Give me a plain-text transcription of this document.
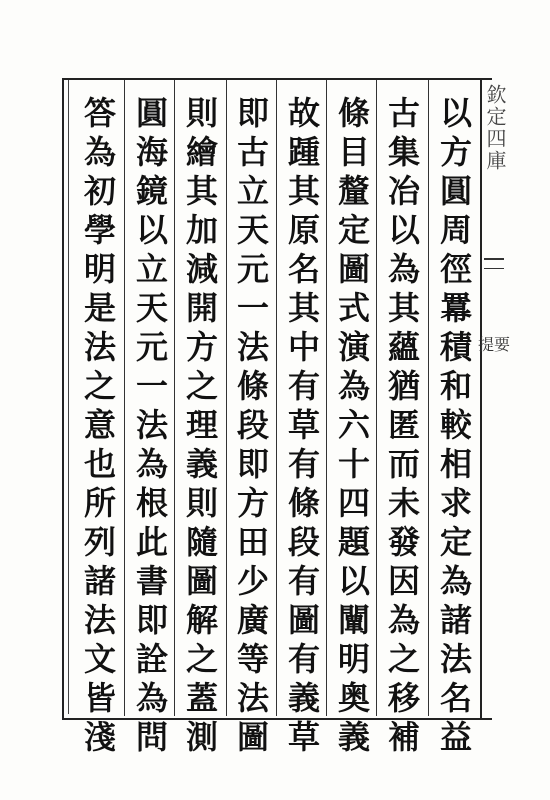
欽定四庫
提要
以方圓周徑羃積和較相求定為諸法名益
古集冶以為其蘊猶匿而未發因為之移補
條目釐定圖式演為六十四題以闡明奥義
故踵其原名其中有草有條段有圖有義草
即古立天元一法條段即方田少廣等法圖
則繪其加減開方之理義則隨圖解之蓋測
圓海鏡以立天元一法為根此書即詮為問
答為初學明是法之意也所列諸法文皆淺
